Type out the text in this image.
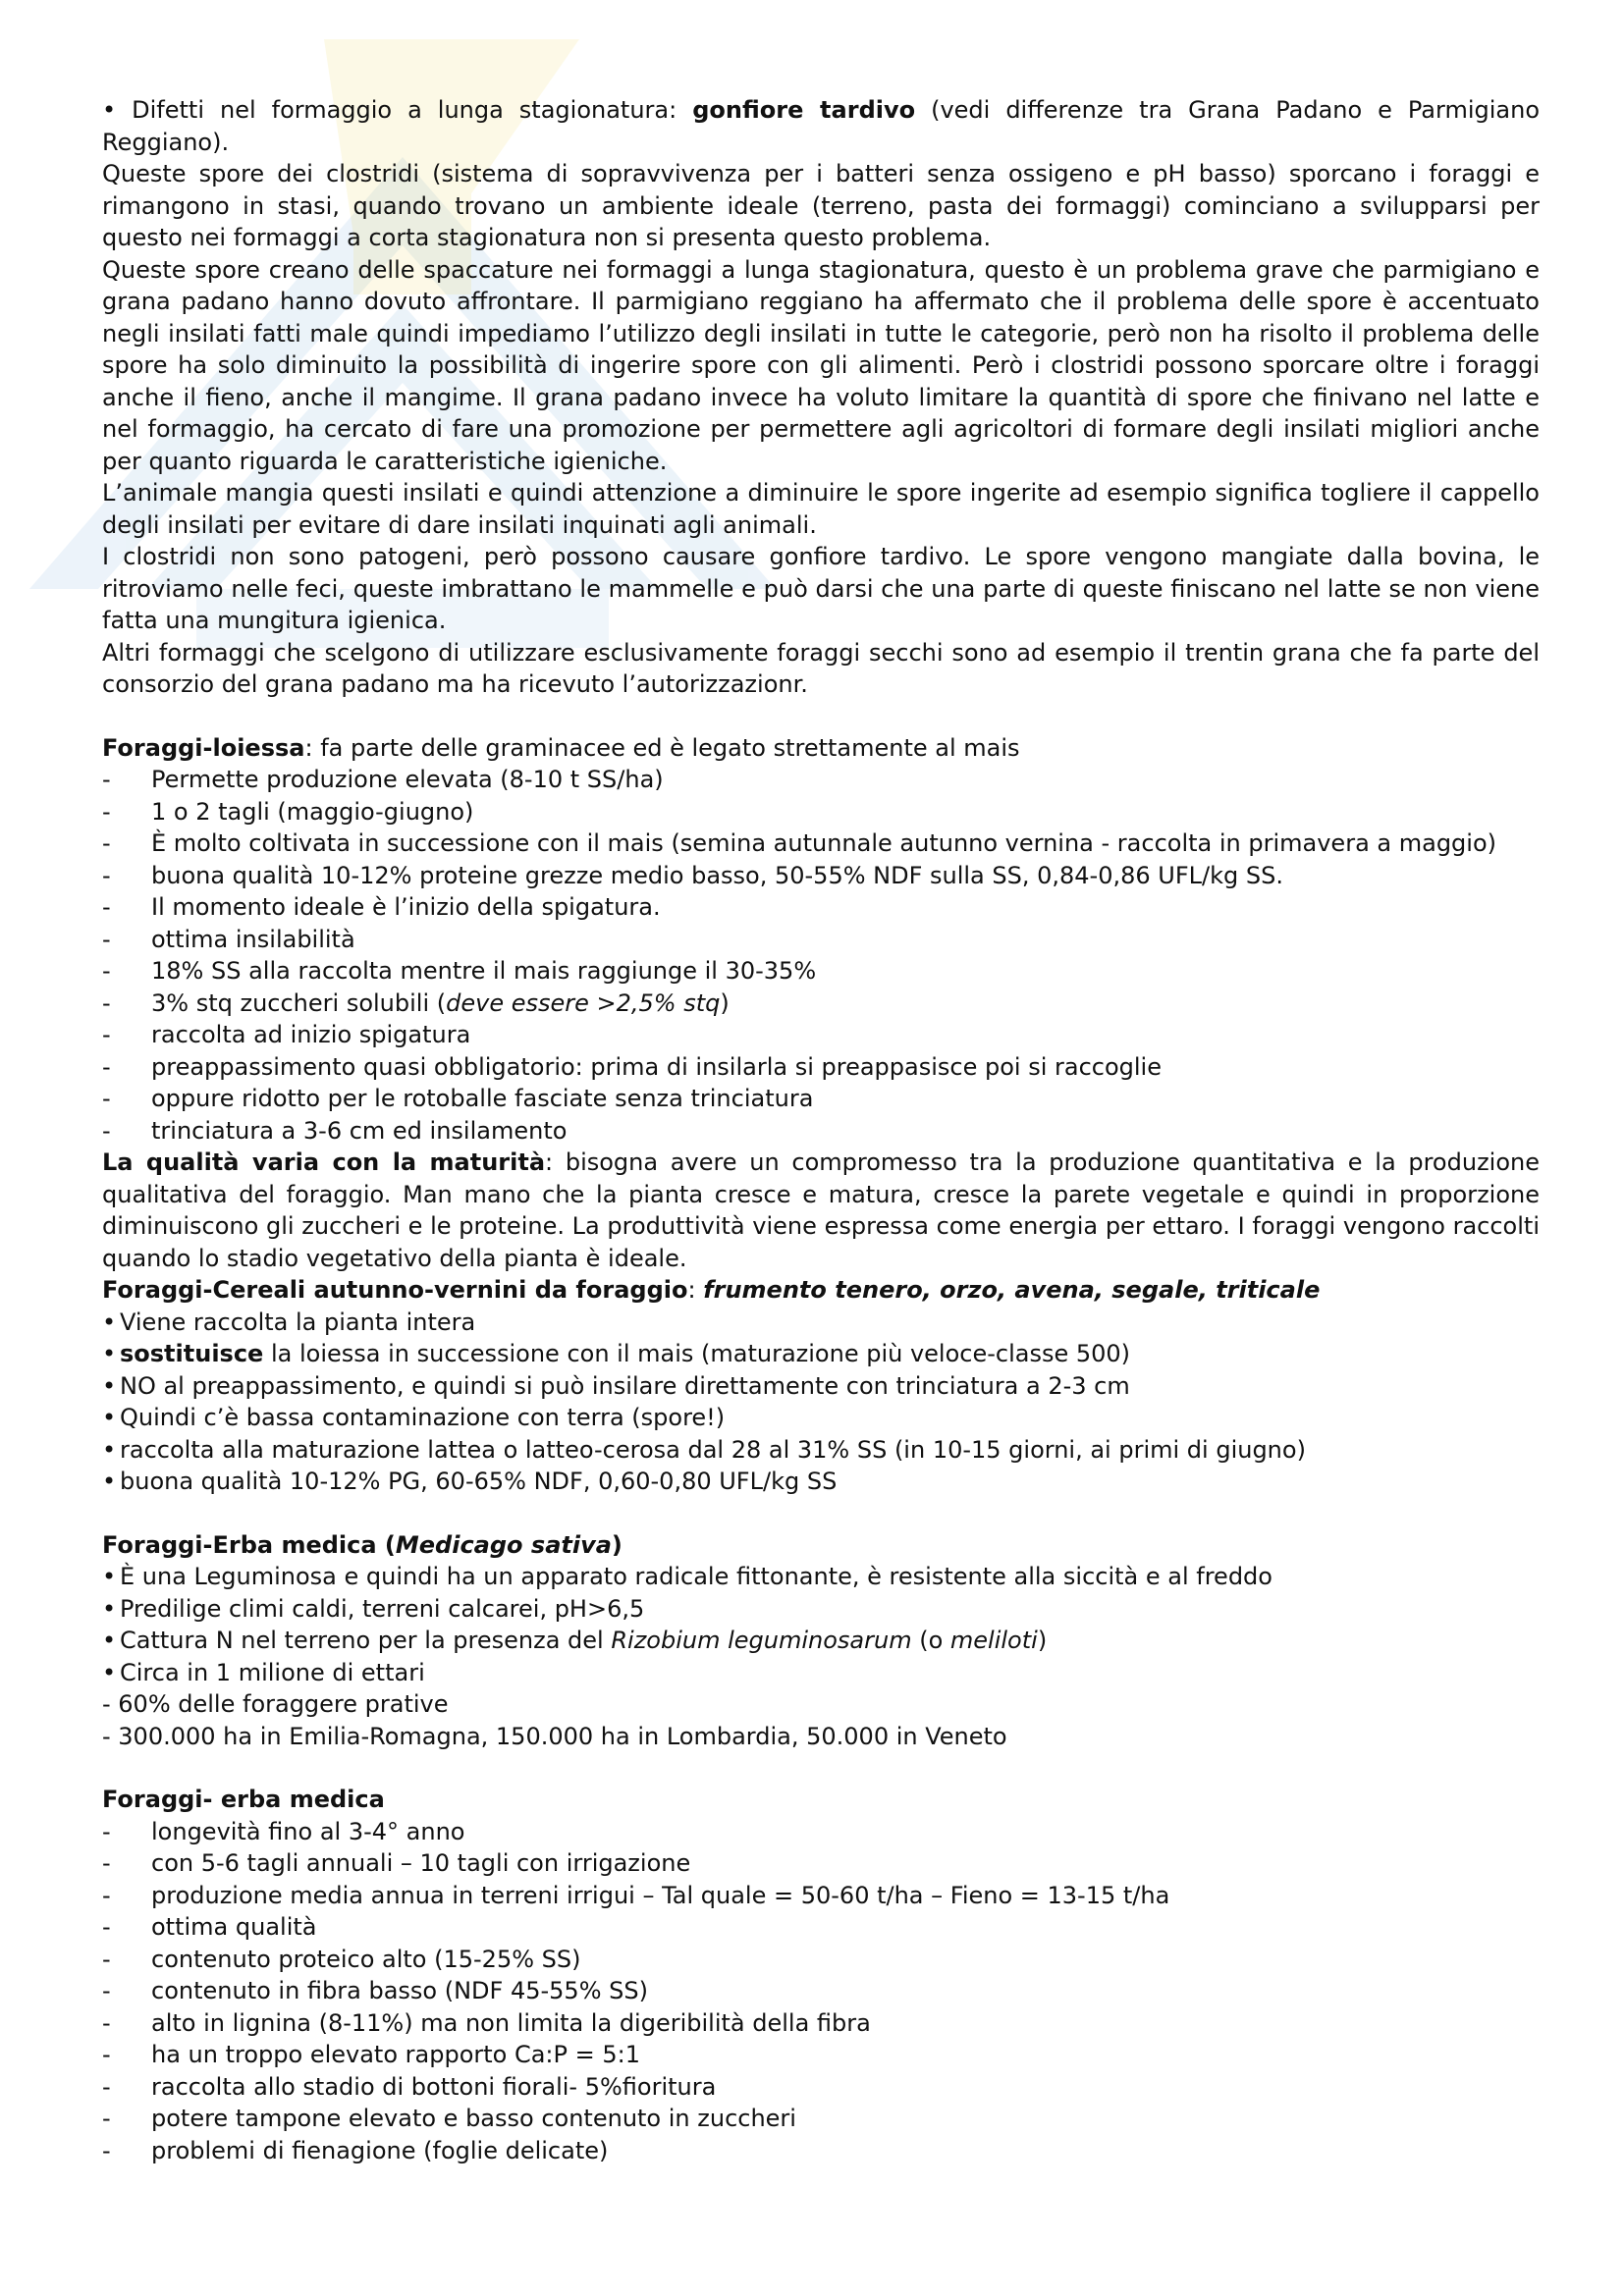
• Difetti nel formaggio a lunga stagionatura: gonfiore tardivo (vedi differenze tra Grana Padano e Parmigiano Reggiano).

Queste spore dei clostridi (sistema di sopravvivenza per i batteri senza ossigeno e pH basso) sporcano i foraggi e rimangono in stasi, quando trovano un ambiente ideale (terreno, pasta dei formaggi) cominciano a svilupparsi per questo nei formaggi a corta stagionatura non si presenta questo problema.

Queste spore creano delle spaccature nei formaggi a lunga stagionatura, questo è un problema grave che parmigiano e grana padano hanno dovuto affrontare. Il parmigiano reggiano ha affermato che il problema delle spore è accentuato negli insilati fatti male quindi impediamo l’utilizzo degli insilati in tutte le categorie, però non ha risolto il problema delle spore ha solo diminuito la possibilità di ingerire spore con gli alimenti. Però i clostridi possono sporcare oltre i foraggi anche il fieno, anche il mangime. Il grana padano invece ha voluto limitare la quantità di spore che finivano nel latte e nel formaggio, ha cercato di fare una promozione per permettere agli agricoltori di formare degli insilati migliori anche per quanto riguarda le caratteristiche igieniche.

L’animale mangia questi insilati e quindi attenzione a diminuire le spore ingerite ad esempio significa togliere il cappello degli insilati per evitare di dare insilati inquinati agli animali.

I clostridi non sono patogeni, però possono causare gonfiore tardivo. Le spore vengono mangiate dalla bovina, le ritroviamo nelle feci, queste imbrattano le mammelle e può darsi che una parte di queste finiscano nel latte se non viene fatta una mungitura igienica.

Altri formaggi che scelgono di utilizzare esclusivamente foraggi secchi sono ad esempio il trentin grana che fa parte del consorzio del grana padano ma ha ricevuto l’autorizzazionr.

Foraggi-loiessa: fa parte delle graminacee ed è legato strettamente al mais

- Permette produzione elevata (8-10 t SS/ha)
- 1 o 2 tagli (maggio-giugno)
- È molto coltivata in successione con il mais (semina autunnale autunno vernina - raccolta in primavera a maggio)
- buona qualità 10-12% proteine grezze medio basso, 50-55% NDF sulla SS, 0,84-0,86 UFL/kg SS.
- Il momento ideale è l’inizio della spigatura.
- ottima insilabilità
- 18% SS alla raccolta mentre il mais raggiunge il 30-35%
- 3% stq zuccheri solubili (deve essere >2,5% stq)
- raccolta ad inizio spigatura
- preappassimento quasi obbligatorio: prima di insilarla si preappasisce poi si raccoglie
- oppure ridotto per le rotoballe fasciate senza trinciatura
- trinciatura a 3-6 cm ed insilamento

La qualità varia con la maturità: bisogna avere un compromesso tra la produzione quantitativa e la produzione qualitativa del foraggio. Man mano che la pianta cresce e matura, cresce la parete vegetale e quindi in proporzione diminuiscono gli zuccheri e le proteine. La produttività viene espressa come energia per ettaro. I foraggi vengono raccolti quando lo stadio vegetativo della pianta è ideale.

Foraggi-Cereali autunno-vernini da foraggio: frumento tenero, orzo, avena, segale, triticale

• Viene raccolta la pianta intera
• sostituisce la loiessa in successione con il mais (maturazione più veloce-classe 500)
• NO al preappassimento, e quindi si può insilare direttamente con trinciatura a 2-3 cm
• Quindi c’è bassa contaminazione con terra (spore!)
• raccolta alla maturazione lattea o latteo-cerosa dal 28 al 31% SS (in 10-15 giorni, ai primi di giugno)
• buona qualità 10-12% PG, 60-65% NDF, 0,60-0,80 UFL/kg SS

Foraggi-Erba medica (Medicago sativa)

• È una Leguminosa e quindi ha un apparato radicale fittonante, è resistente alla siccità e al freddo
• Predilige climi caldi, terreni calcarei, pH>6,5
• Cattura N nel terreno per la presenza del Rizobium leguminosarum (o meliloti)
• Circa in 1 milione di ettari

- 60% delle foraggere prative

- 300.000 ha in Emilia-Romagna, 150.000 ha in Lombardia, 50.000 in Veneto

Foraggi- erba medica

- longevità fino al 3-4° anno
- con 5-6 tagli annuali – 10 tagli con irrigazione
- produzione media annua in terreni irrigui – Tal quale = 50-60 t/ha – Fieno = 13-15 t/ha
- ottima qualità
- contenuto proteico alto (15-25% SS)
- contenuto in fibra basso (NDF 45-55% SS)
- alto in lignina (8-11%) ma non limita la digeribilità della fibra
- ha un troppo elevato rapporto Ca:P = 5:1
- raccolta allo stadio di bottoni fiorali- 5%fioritura
- potere tampone elevato e basso contenuto in zuccheri
- problemi di fienagione (foglie delicate)
